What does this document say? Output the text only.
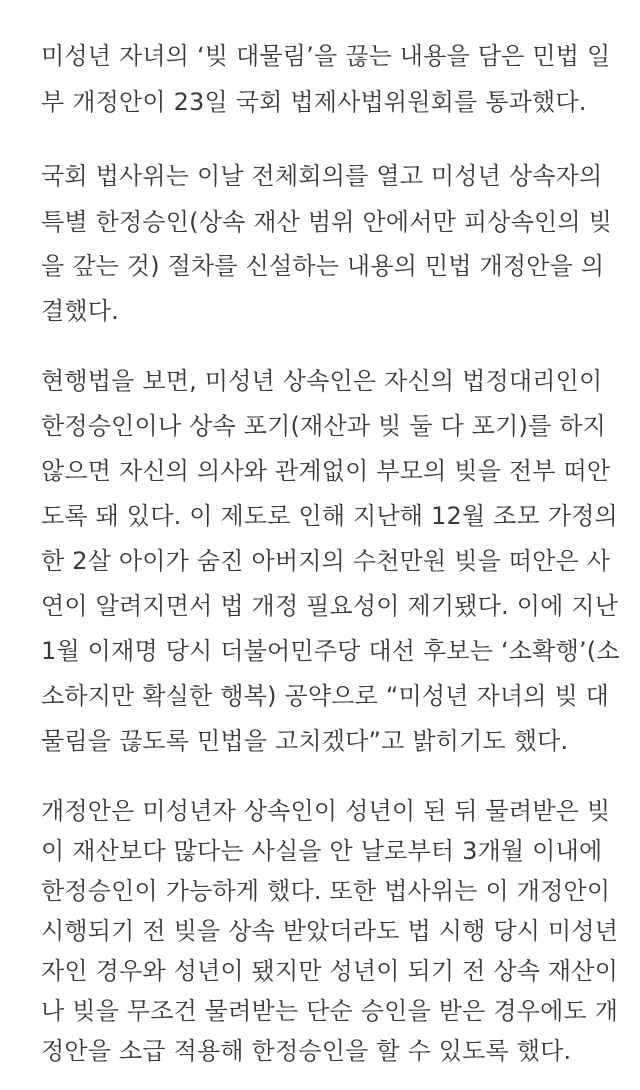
미성년 자녀의 ‘빚 대물림’을 끊는 내용을 담은 민법 일
부 개정안이 23일 국회 법제사법위원회를 통과했다.
국회 법사위는 이날 전체회의를 열고 미성년 상속자의
특별 한정승인(상속 재산 범위 안에서만 피상속인의 빚
을 갚는 것) 절차를 신설하는 내용의 민법 개정안을 의
결했다.
현행법을 보면, 미성년 상속인은 자신의 법정대리인이
한정승인이나 상속 포기(재산과 빚 둘 다 포기)를 하지
않으면 자신의 의사와 관계없이 부모의 빚을 전부 떠안
도록 돼 있다. 이 제도로 인해 지난해 12월 조모 가정의
한 2살 아이가 숨진 아버지의 수천만원 빚을 떠안은 사
연이 알려지면서 법 개정 필요성이 제기됐다. 이에 지난
1월 이재명 당시 더불어민주당 대선 후보는 ‘소확행’(소
소하지만 확실한 행복) 공약으로 “미성년 자녀의 빚 대
물림을 끊도록 민법을 고치겠다”고 밝히기도 했다.
개정안은 미성년자 상속인이 성년이 된 뒤 물려받은 빚
이 재산보다 많다는 사실을 안 날로부터 3개월 이내에
한정승인이 가능하게 했다. 또한 법사위는 이 개정안이
시행되기 전 빚을 상속 받았더라도 법 시행 당시 미성년
자인 경우와 성년이 됐지만 성년이 되기 전 상속 재산이
나 빚을 무조건 물려받는 단순 승인을 받은 경우에도 개
정안을 소급 적용해 한정승인을 할 수 있도록 했다.
